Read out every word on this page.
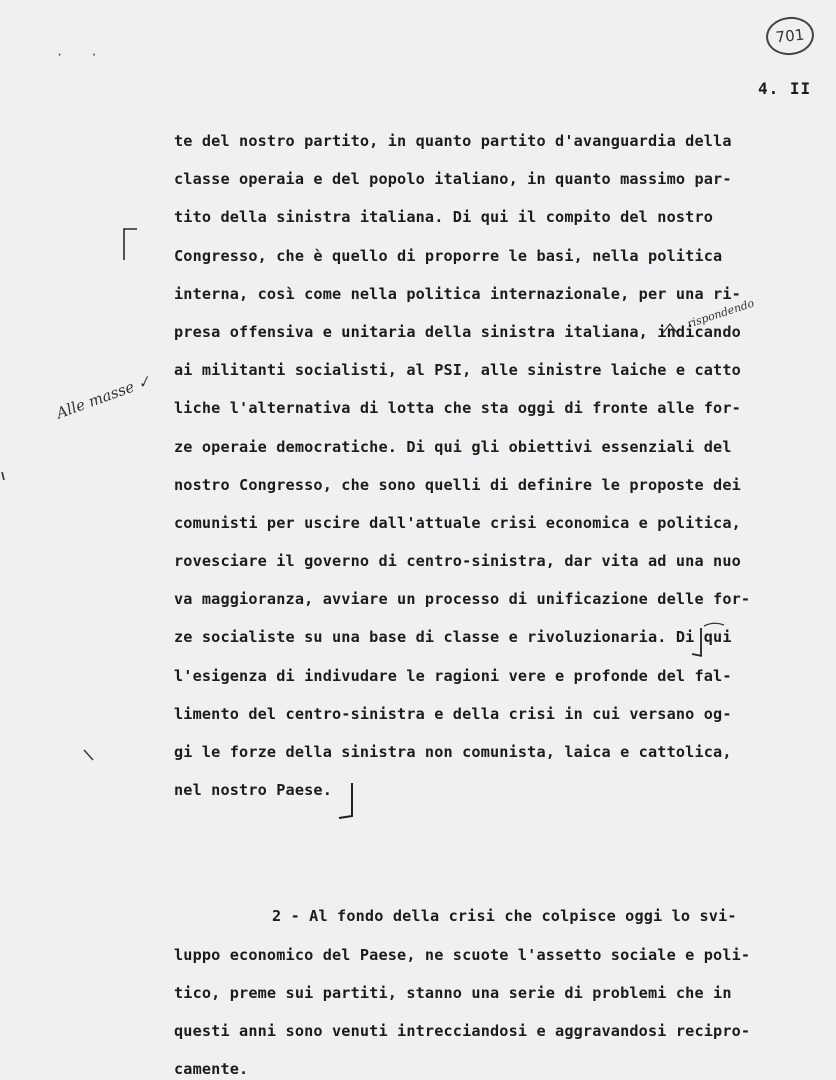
· ·
701
4. II
Alle masse ✓
rispondendo
te del nostro partito, in quanto partito d'avanguardia della
classe operaia e del popolo italiano, in quanto massimo par-
tito della sinistra italiana. Di qui il compito del nostro
Congresso, che è quello di proporre le basi, nella politica
interna, così come nella politica internazionale, per una ri-
presa offensiva e unitaria della sinistra italiana, indicando
ai militanti socialisti, al PSI, alle sinistre laiche e catto
liche l'alternativa di lotta che sta oggi di fronte alle for-
ze operaie democratiche. Di qui gli obiettivi essenziali del
nostro Congresso, che sono quelli di definire le proposte dei
comunisti per uscire dall'attuale crisi economica e politica,
rovesciare il governo di centro-sinistra, dar vita ad una nuo
va maggioranza, avviare un processo di unificazione delle for-
ze socialiste su una base di classe e rivoluzionaria. Di qui
l'esigenza di indivudare le ragioni vere e profonde del fal-
limento del centro-sinistra e della crisi in cui versano og-
gi le forze della sinistra non comunista, laica e cattolica,
nel nostro Paese.
2 - Al fondo della crisi che colpisce oggi lo svi-
luppo economico del Paese, ne scuote l'assetto sociale e poli-
tico, preme sui partiti, stanno una serie di problemi che in
questi anni sono venuti intrecciandosi e aggravandosi recipro-
camente.
